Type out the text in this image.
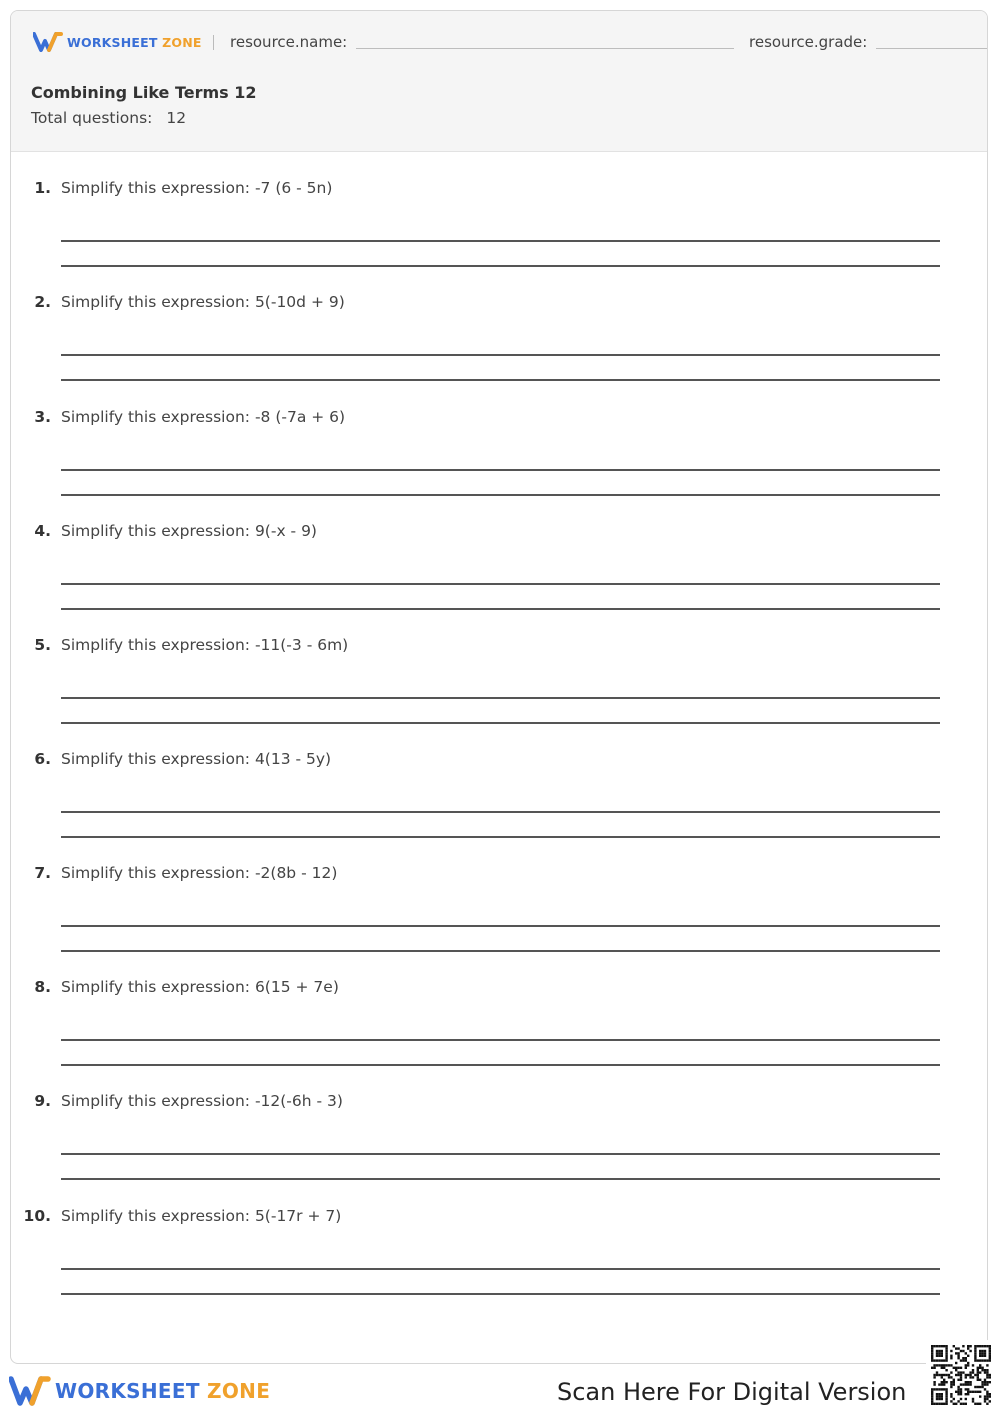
WORKSHEET ZONE resource.name:	resource.grade:
Combining Like Terms 12
Total questions: 12
1. Simplify this expression: -7 (6 - 5n)
2. Simplify this expression: 5(-10d + 9)
3. Simplify this expression: -8 (-7a + 6)
4. Simplify this expression: 9(-x - 9)
5. Simplify this expression: -11(-3 - 6m)
6. Simplify this expression: 4(13 - 5y)
7. Simplify this expression: -2(8b - 12)
8. Simplify this expression: 6(15 + 7e)
9. Simplify this expression: -12(-6h - 3)
10. Simplify this expression: 5(-17r + 7)
WORKSHEET ZONE	Scan Here For Digital Version
